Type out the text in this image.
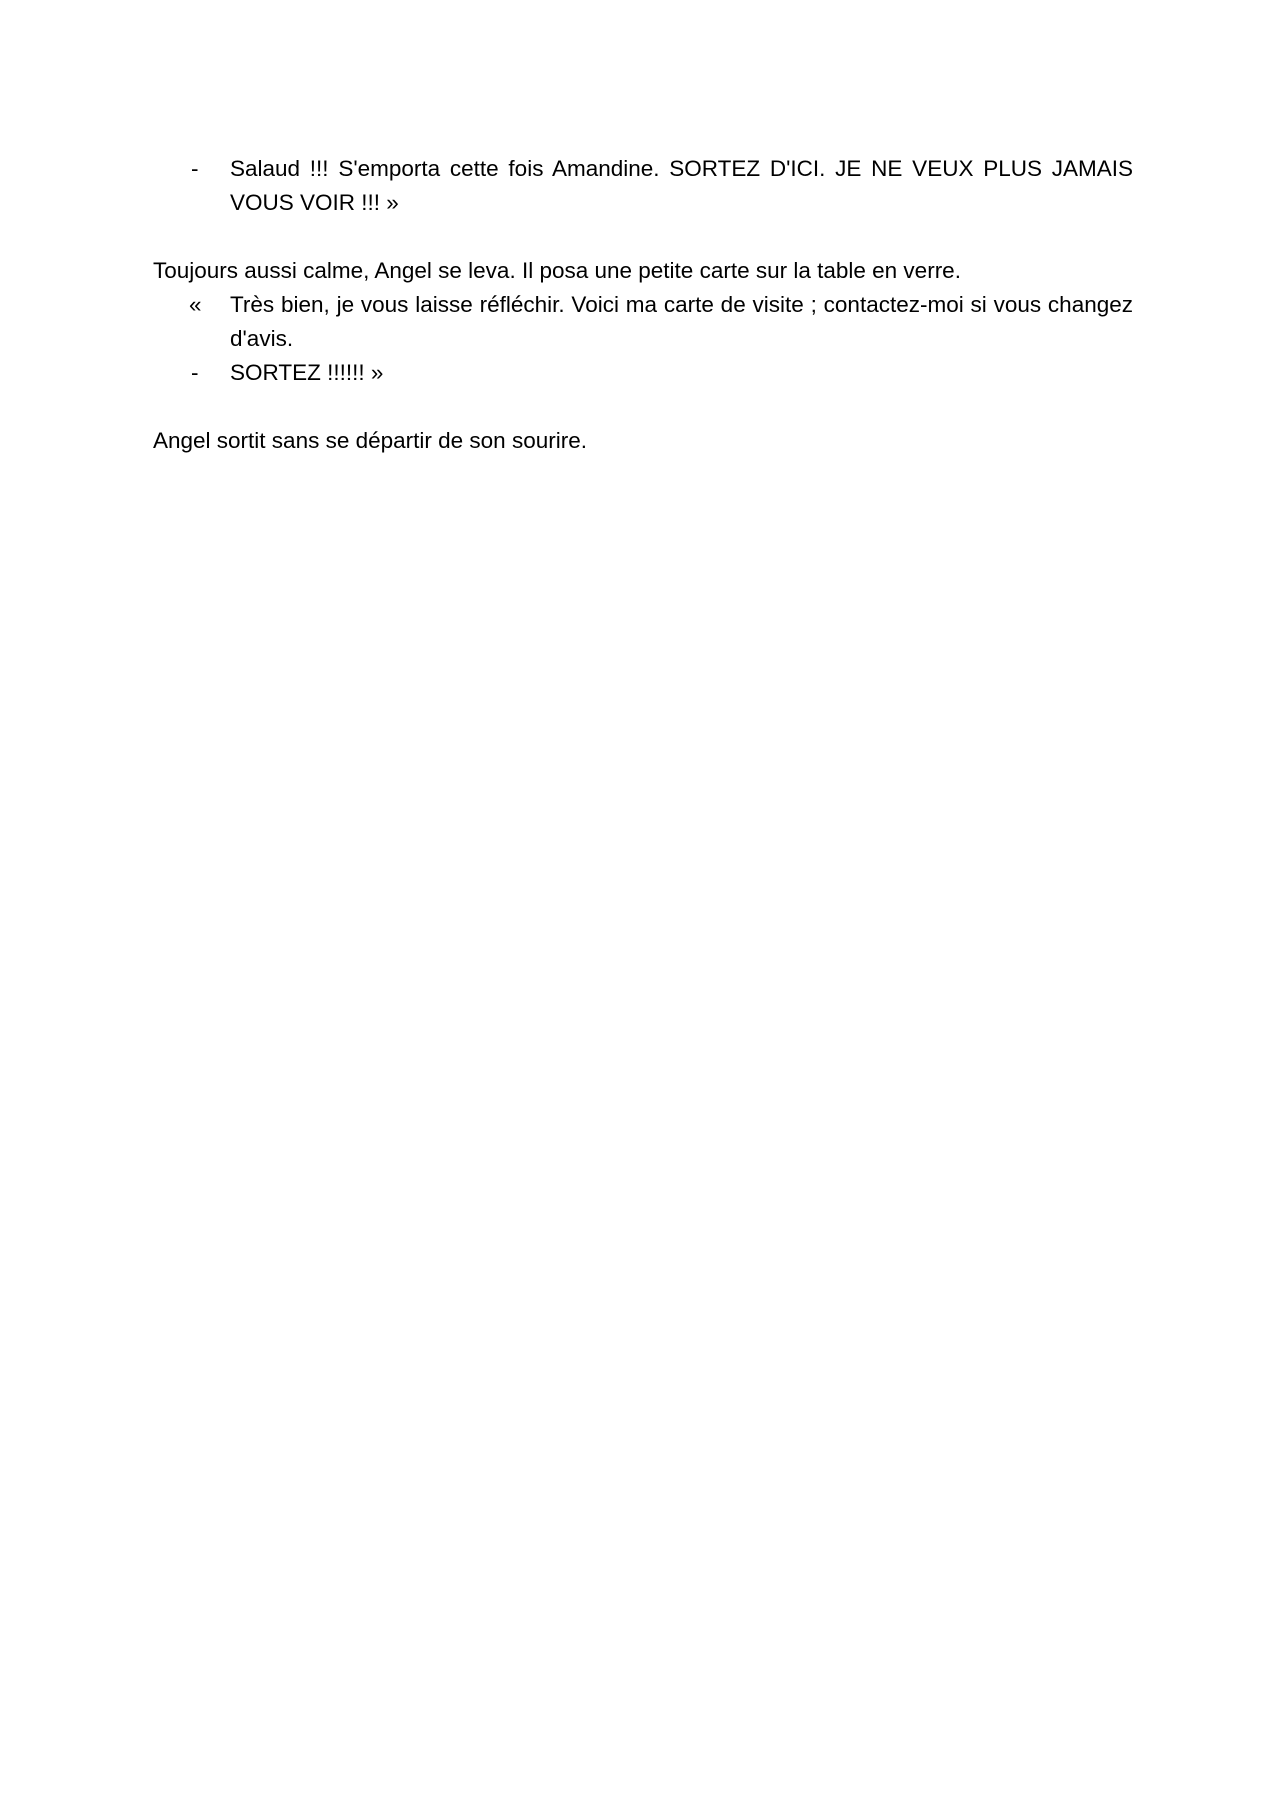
-	Salaud !!! S'emporta cette fois Amandine. SORTEZ D'ICI. JE NE VEUX PLUS JAMAIS VOUS VOIR !!! »
Toujours aussi calme, Angel se leva. Il posa une petite carte sur la table en verre.
«	Très bien, je vous laisse réfléchir. Voici ma carte de visite ; contactez-moi si vous changez d'avis.
-	SORTEZ !!!!!! »
Angel sortit sans se départir de son sourire.
